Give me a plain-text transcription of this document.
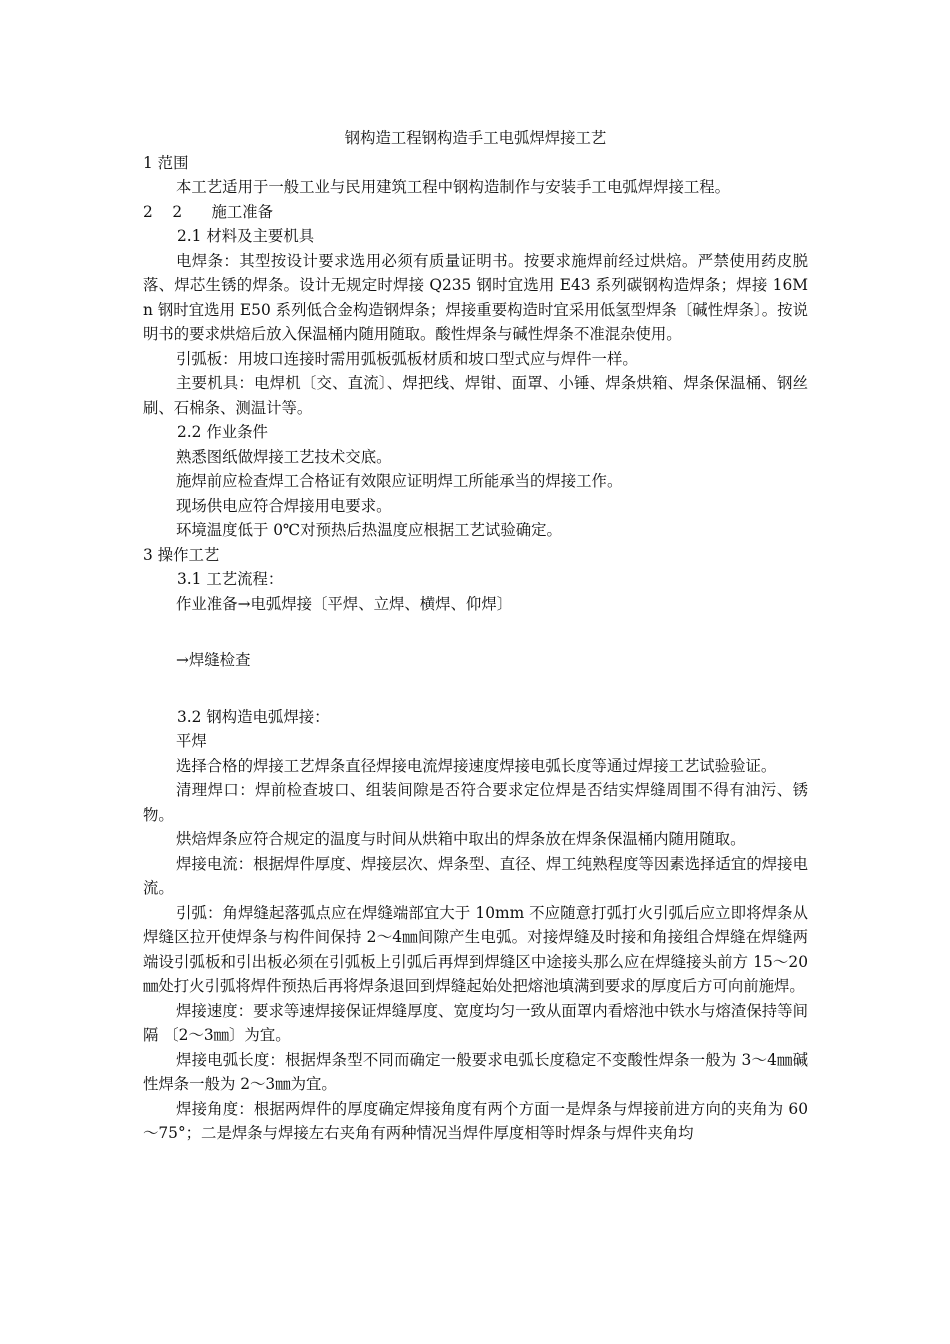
钢构造工程钢构造手工电弧焊焊接工艺

1 范围

本工艺适用于一般工业与民用建筑工程中钢构造制作与安装手工电弧焊焊接工程。

2    2      施工准备

2.1 材料及主要机具

电焊条：其型按设计要求选用必须有质量证明书。按要求施焊前经过烘焙。严禁使用药皮脱落、焊芯生锈的焊条。设计无规定时焊接 Q235 钢时宜选用 E43 系列碳钢构造焊条；焊接 16Mn 钢时宜选用 E50 系列低合金构造钢焊条；焊接重要构造时宜采用低氢型焊条〔碱性焊条〕。按说明书的要求烘焙后放入保温桶内随用随取。酸性焊条与碱性焊条不准混杂使用。

引弧板：用坡口连接时需用弧板弧板材质和坡口型式应与焊件一样。

主要机具：电焊机〔交、直流〕、焊把线、焊钳、面罩、小锤、焊条烘箱、焊条保温桶、钢丝刷、石棉条、测温计等。

2.2 作业条件

熟悉图纸做焊接工艺技术交底。

施焊前应检查焊工合格证有效限应证明焊工所能承当的焊接工作。

现场供电应符合焊接用电要求。

环境温度低于 0℃对预热后热温度应根据工艺试验确定。

3 操作工艺

3.1 工艺流程：

作业准备→电弧焊接〔平焊、立焊、横焊、仰焊〕

→焊缝检查

3.2 钢构造电弧焊接：

平焊

选择合格的焊接工艺焊条直径焊接电流焊接速度焊接电弧长度等通过焊接工艺试验验证。

清理焊口：焊前检查坡口、组装间隙是否符合要求定位焊是否结实焊缝周围不得有油污、锈物。

烘焙焊条应符合规定的温度与时间从烘箱中取出的焊条放在焊条保温桶内随用随取。

焊接电流：根据焊件厚度、焊接层次、焊条型、直径、焊工纯熟程度等因素选择适宜的焊接电流。

引弧：角焊缝起落弧点应在焊缝端部宜大于 10mm 不应随意打弧打火引弧后应立即将焊条从焊缝区拉开使焊条与构件间保持 2～4㎜间隙产生电弧。对接焊缝及时接和角接组合焊缝在焊缝两端设引弧板和引出板必须在引弧板上引弧后再焊到焊缝区中途接头那么应在焊缝接头前方 15～20㎜处打火引弧将焊件预热后再将焊条退回到焊缝起始处把熔池填满到要求的厚度后方可向前施焊。

焊接速度：要求等速焊接保证焊缝厚度、宽度均匀一致从面罩内看熔池中铁水与熔渣保持等间隔 〔2～3㎜〕为宜。

焊接电弧长度：根据焊条型不同而确定一般要求电弧长度稳定不变酸性焊条一般为 3～4㎜碱性焊条一般为 2～3㎜为宜。

焊接角度：根据两焊件的厚度确定焊接角度有两个方面一是焊条与焊接前进方向的夹角为 60～75°；二是焊条与焊接左右夹角有两种情况当焊件厚度相等时焊条与焊件夹角均
